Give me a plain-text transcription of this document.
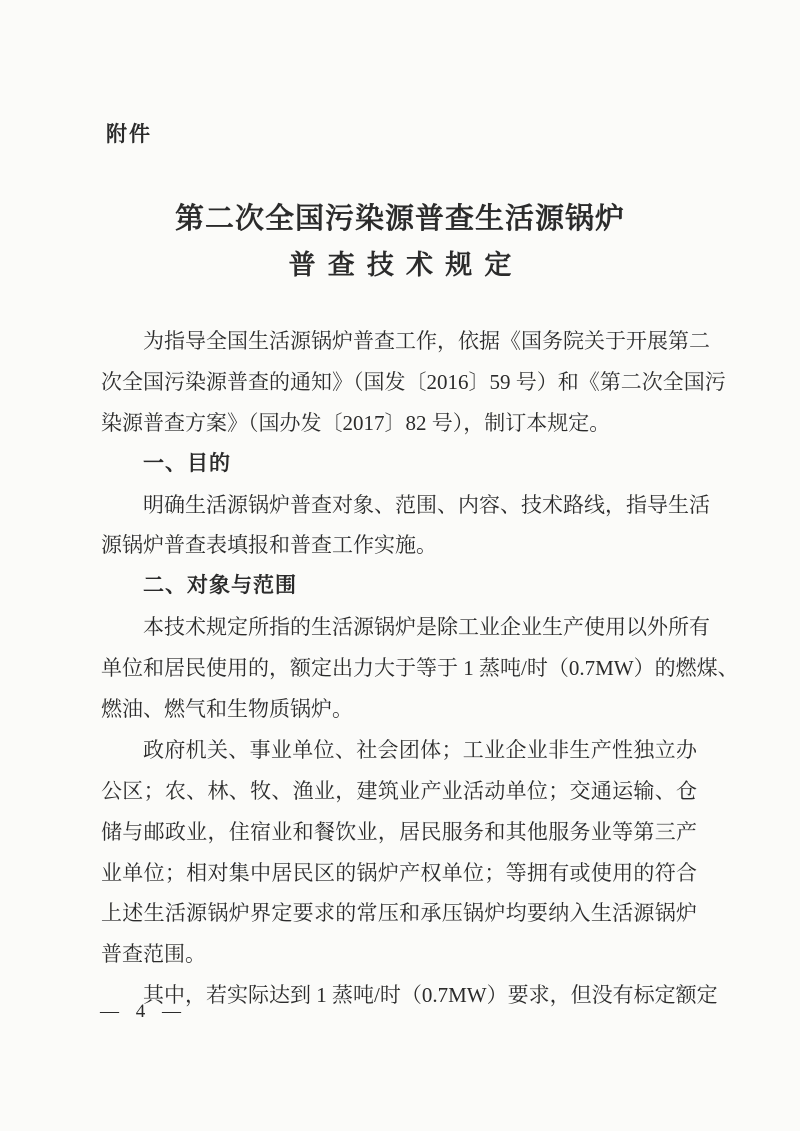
附件
第二次全国污染源普查生活源锅炉
普查技术规定
为指导全国生活源锅炉普查工作，依据《国务院关于开展第二
次全国污染源普查的通知》（国发〔2016〕59 号）和《第二次全国污
染源普查方案》（国办发〔2017〕82 号），制订本规定。
一、目的
明确生活源锅炉普查对象、范围、内容、技术路线，指导生活
源锅炉普查表填报和普查工作实施。
二、对象与范围
本技术规定所指的生活源锅炉是除工业企业生产使用以外所有
单位和居民使用的，额定出力大于等于 1 蒸吨/时（0.7MW）的燃煤、
燃油、燃气和生物质锅炉。
政府机关、事业单位、社会团体；工业企业非生产性独立办
公区；农、林、牧、渔业，建筑业产业活动单位；交通运输、仓
储与邮政业，住宿业和餐饮业，居民服务和其他服务业等第三产
业单位；相对集中居民区的锅炉产权单位；等拥有或使用的符合
上述生活源锅炉界定要求的常压和承压锅炉均要纳入生活源锅炉
普查范围。
其中，若实际达到 1 蒸吨/时（0.7MW）要求，但没有标定额定
— 4 —
